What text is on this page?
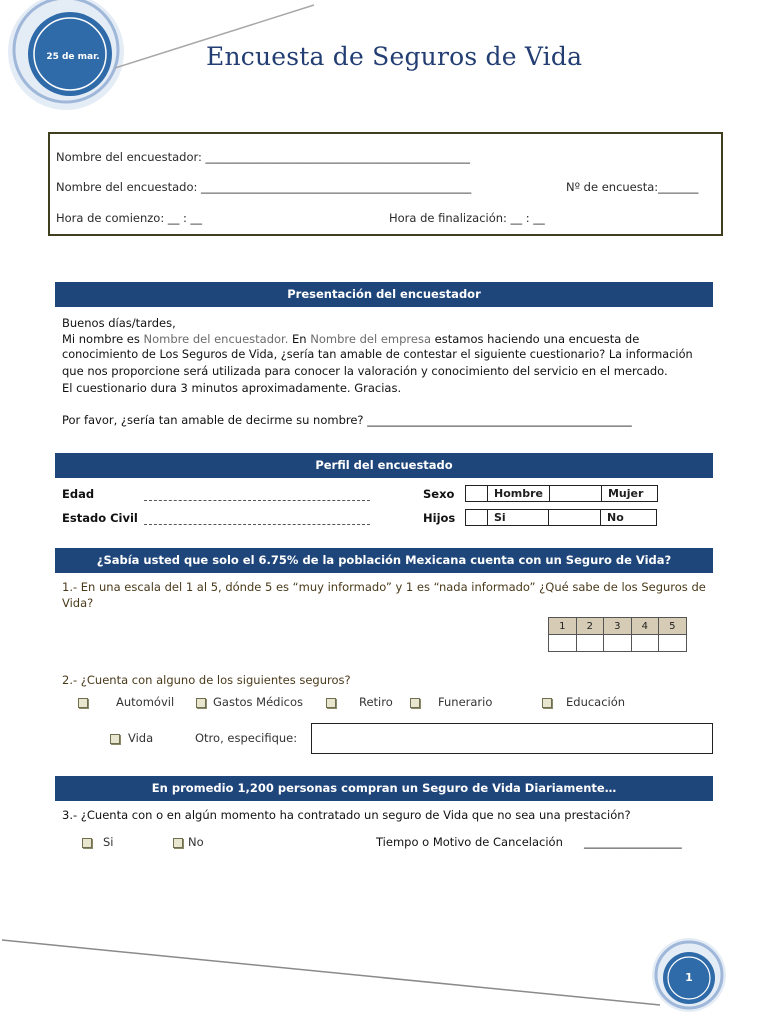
25 de mar.	Encuesta de Seguros de Vida
Nombre del encuestador: ______________________________________________
Nombre del encuestado: _______________________________________________	Nº de encuesta:_______
Hora de comienzo: __ : __	Hora de finalización: __ : __
Presentación del encuestador
Buenos días/tardes,
Mi nombre es Nombre del encuestador. En Nombre del empresa estamos haciendo una encuesta de
conocimiento de Los Seguros de Vida, ¿sería tan amable de contestar el siguiente cuestionario? La información
que nos proporcione será utilizada para conocer la valoración y conocimiento del servicio en el mercado.
El cuestionario dura 3 minutos aproximadamente. Gracias.
Por favor, ¿sería tan amable de decirme su nombre? ______________________________________________
Perfil del encuestado
Edad
Estado Civil
Sexo
		Hombre		Mujer
Hijos
		Si		No
¿Sabía usted que solo el 6.75% de la población Mexicana cuenta con un Seguro de Vida?
1.- En una escala del 1 al 5, dónde 5 es “muy informado” y 1 es “nada informado” ¿Qué sabe de los Seguros de Vida?
1	2	3	4	5

2.- ¿Cuenta con alguno de los siguientes seguros?
Automóvil	Gastos Médicos	Retiro	Funerario	Educación
Vida	Otro, especifique:
En promedio 1,200 personas compran un Seguro de Vida Diariamente…
3.- ¿Cuenta con o en algún momento ha contratado un seguro de Vida que no sea una prestación?
Si	No	Tiempo o Motivo de Cancelación _________________
1
